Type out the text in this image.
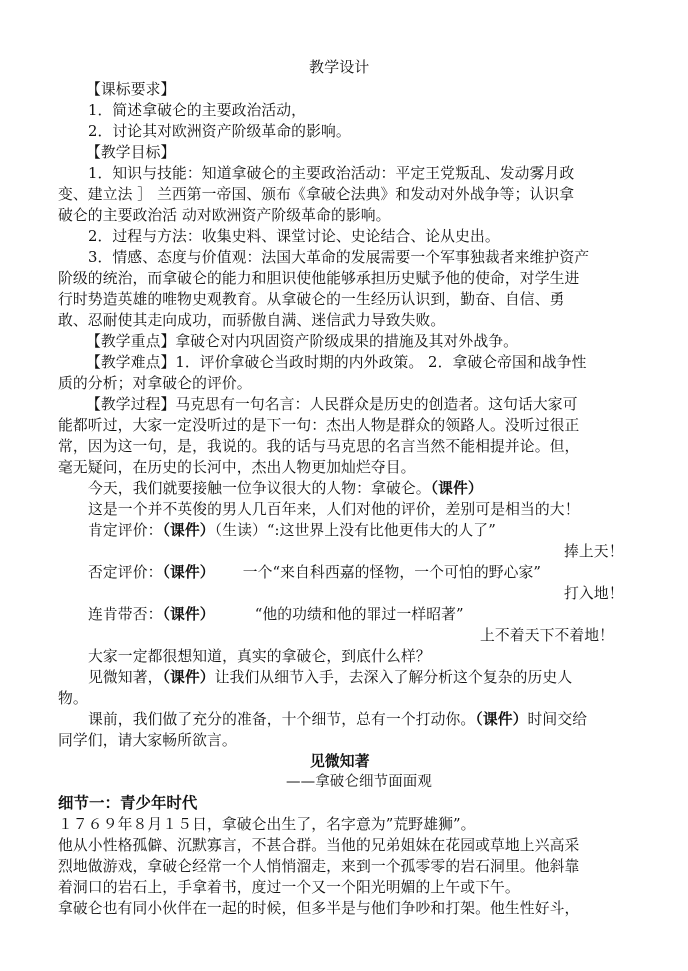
教学设计

【课标要求】

1．简述拿破仑的主要政治活动，

2．讨论其对欧洲资产阶级革命的影响。

【教学目标】

1．知识与技能：知道拿破仑的主要政治活动：平定王党叛乱、发动雾月政

变、建立法 ］ 兰西第一帝国、颁布《拿破仑法典》和发动对外战争等；认识拿

破仑的主要政治活 动对欧洲资产阶级革命的影响。

2．过程与方法：收集史料、课堂讨论、史论结合、论从史出。

3．情感、态度与价值观：法国大革命的发展需要一个军事独裁者来维护资产

阶级的统治，而拿破仑的能力和胆识使他能够承担历史赋予他的使命，对学生进

行时势造英雄的唯物史观教育。从拿破仑的一生经历认识到，勤奋、自信、勇

敢、忍耐使其走向成功，而骄傲自满、迷信武力导致失败。

【教学重点】拿破仑对内巩固资产阶级成果的措施及其对外战争。

【教学难点】1．评价拿破仑当政时期的内外政策。 2．拿破仑帝国和战争性

质的分析；对拿破仑的评价。

【教学过程】马克思有一句名言：人民群众是历史的创造者。这句话大家可

能都听过，大家一定没听过的是下一句：杰出人物是群众的领路人。没听过很正

常，因为这一句，是，我说的。我的话与马克思的名言当然不能相提并论。但，

毫无疑问，在历史的长河中，杰出人物更加灿烂夺目。

今天，我们就要接触一位争议很大的人物：拿破仑。（课件）

这是一个并不英俊的男人几百年来，人们对他的评价，差别可是相当的大！

肯定评价：（课件）（生读）“:这世界上没有比他更伟大的人了”

捧上天！

否定评价：（课件） 一个“来自科西嘉的怪物，一个可怕的野心家”

打入地！

连肯带否：（课件）	“他的功绩和他的罪过一样昭著”

上不着天下不着地！

大家一定都很想知道，真实的拿破仑，到底什么样？

见微知著，（课件）让我们从细节入手，去深入了解分析这个复杂的历史人

物。

课前，我们做了充分的准备，十个细节，总有一个打动你。（课件）时间交给

同学们，请大家畅所欲言。

见微知著

——拿破仑细节面面观

细节一：青少年时代

１７６９年８月１５日，拿破仑出生了，名字意为”荒野雄狮”。

他从小性格孤僻、沉默寡言，不甚合群。当他的兄弟姐妹在花园或草地上兴高采

烈地做游戏，拿破仑经常一个人悄悄溜走，来到一个孤零零的岩石洞里。他斜靠

着洞口的岩石上，手拿着书，度过一个又一个阳光明媚的上午或下午。

拿破仑也有同小伙伴在一起的时候，但多半是与他们争吵和打架。他生性好斗，
